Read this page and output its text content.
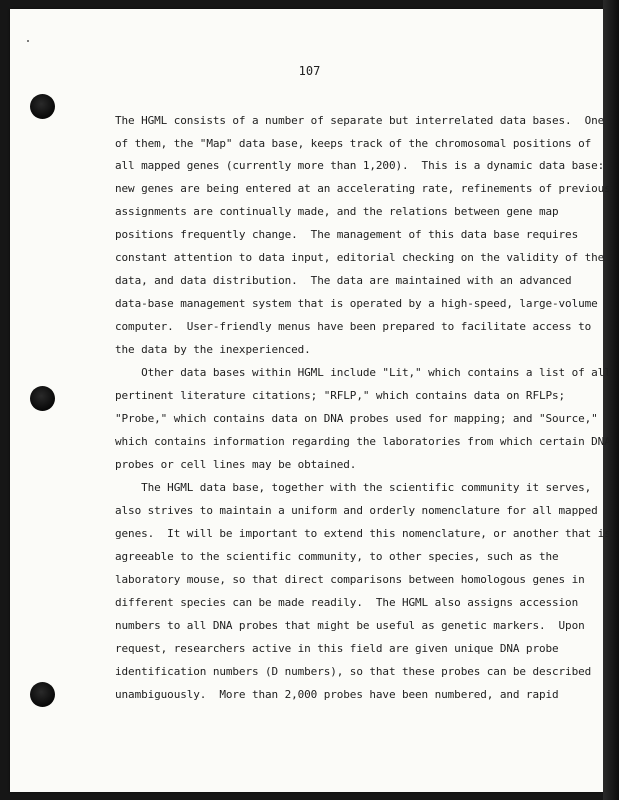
107
The HGML consists of a number of separate but interrelated data bases.  One
of them, the "Map" data base, keeps track of the chromosomal positions of
all mapped genes (currently more than 1,200).  This is a dynamic data base:
new genes are being entered at an accelerating rate, refinements of previous
assignments are continually made, and the relations between gene map
positions frequently change.  The management of this data base requires
constant attention to data input, editorial checking on the validity of the
data, and data distribution.  The data are maintained with an advanced
data-base management system that is operated by a high-speed, large-volume
computer.  User-friendly menus have been prepared to facilitate access to
the data by the inexperienced.
Other data bases within HGML include "Lit," which contains a list of all
pertinent literature citations; "RFLP," which contains data on RFLPs;
"Probe," which contains data on DNA probes used for mapping; and "Source,"
which contains information regarding the laboratories from which certain DNA
probes or cell lines may be obtained.
The HGML data base, together with the scientific community it serves,
also strives to maintain a uniform and orderly nomenclature for all mapped
genes.  It will be important to extend this nomenclature, or another that is
agreeable to the scientific community, to other species, such as the
laboratory mouse, so that direct comparisons between homologous genes in
different species can be made readily.  The HGML also assigns accession
numbers to all DNA probes that might be useful as genetic markers.  Upon
request, researchers active in this field are given unique DNA probe
identification numbers (D numbers), so that these probes can be described
unambiguously.  More than 2,000 probes have been numbered, and rapid
